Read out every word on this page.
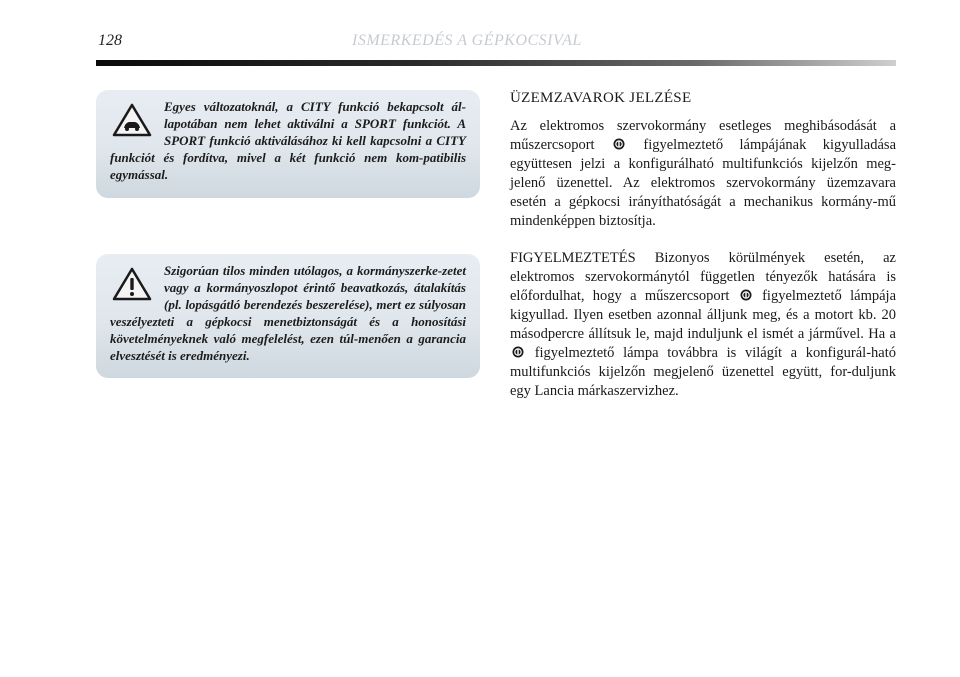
128	ISMERKEDÉS A GÉPKOCSIVAL
Egyes változatoknál, a CITY funkció bekapcsolt ál-lapotában nem lehet aktiválni a SPORT funkciót. A SPORT funkció aktiválásához ki kell kapcsolni a CITY funkciót és fordítva, mivel a két funkció nem kom-patibilis egymással.
Szigorúan tilos minden utólagos, a kormányszerke-zetet vagy a kormányoszlopot érintő beavatkozás, átalakítás (pl. lopásgátló berendezés beszerelése), mert ez súlyosan veszélyezteti a gépkocsi menetbiztonságát és a honosítási követelményeknek való megfelelést, ezen túl-menően a garancia elvesztését is eredményezi.
ÜZEMZAVAROK JELZÉSE

Az elektromos szervokormány esetleges meghibásodását a műszercsoport	figyelmeztető lámpájának kigyulladása együttesen jelzi a konfigurálható multifunkciós kijelzőn meg-jelenő üzenettel. Az elektromos szervokormány üzemzavara esetén a gépkocsi irányíthatóságát a mechanikus kormány-mű mindenképpen biztosítja.

FIGYELMEZTETÉS Bizonyos körülmények esetén, az elektromos szervokormánytól független tényezők hatására is előfordulhat, hogy a műszercsoport figyelmeztető lámpája kigyullad. Ilyen esetben azonnal álljunk meg, és a motort kb. 20 másodpercre állítsuk le, majd induljunk el ismét a járművel. Ha a  figyelmeztető lámpa továbbra is világít a konfigurál-ható multifunkciós kijelzőn megjelenő üzenettel együtt, for-duljunk egy Lancia márkaszervizhez.
